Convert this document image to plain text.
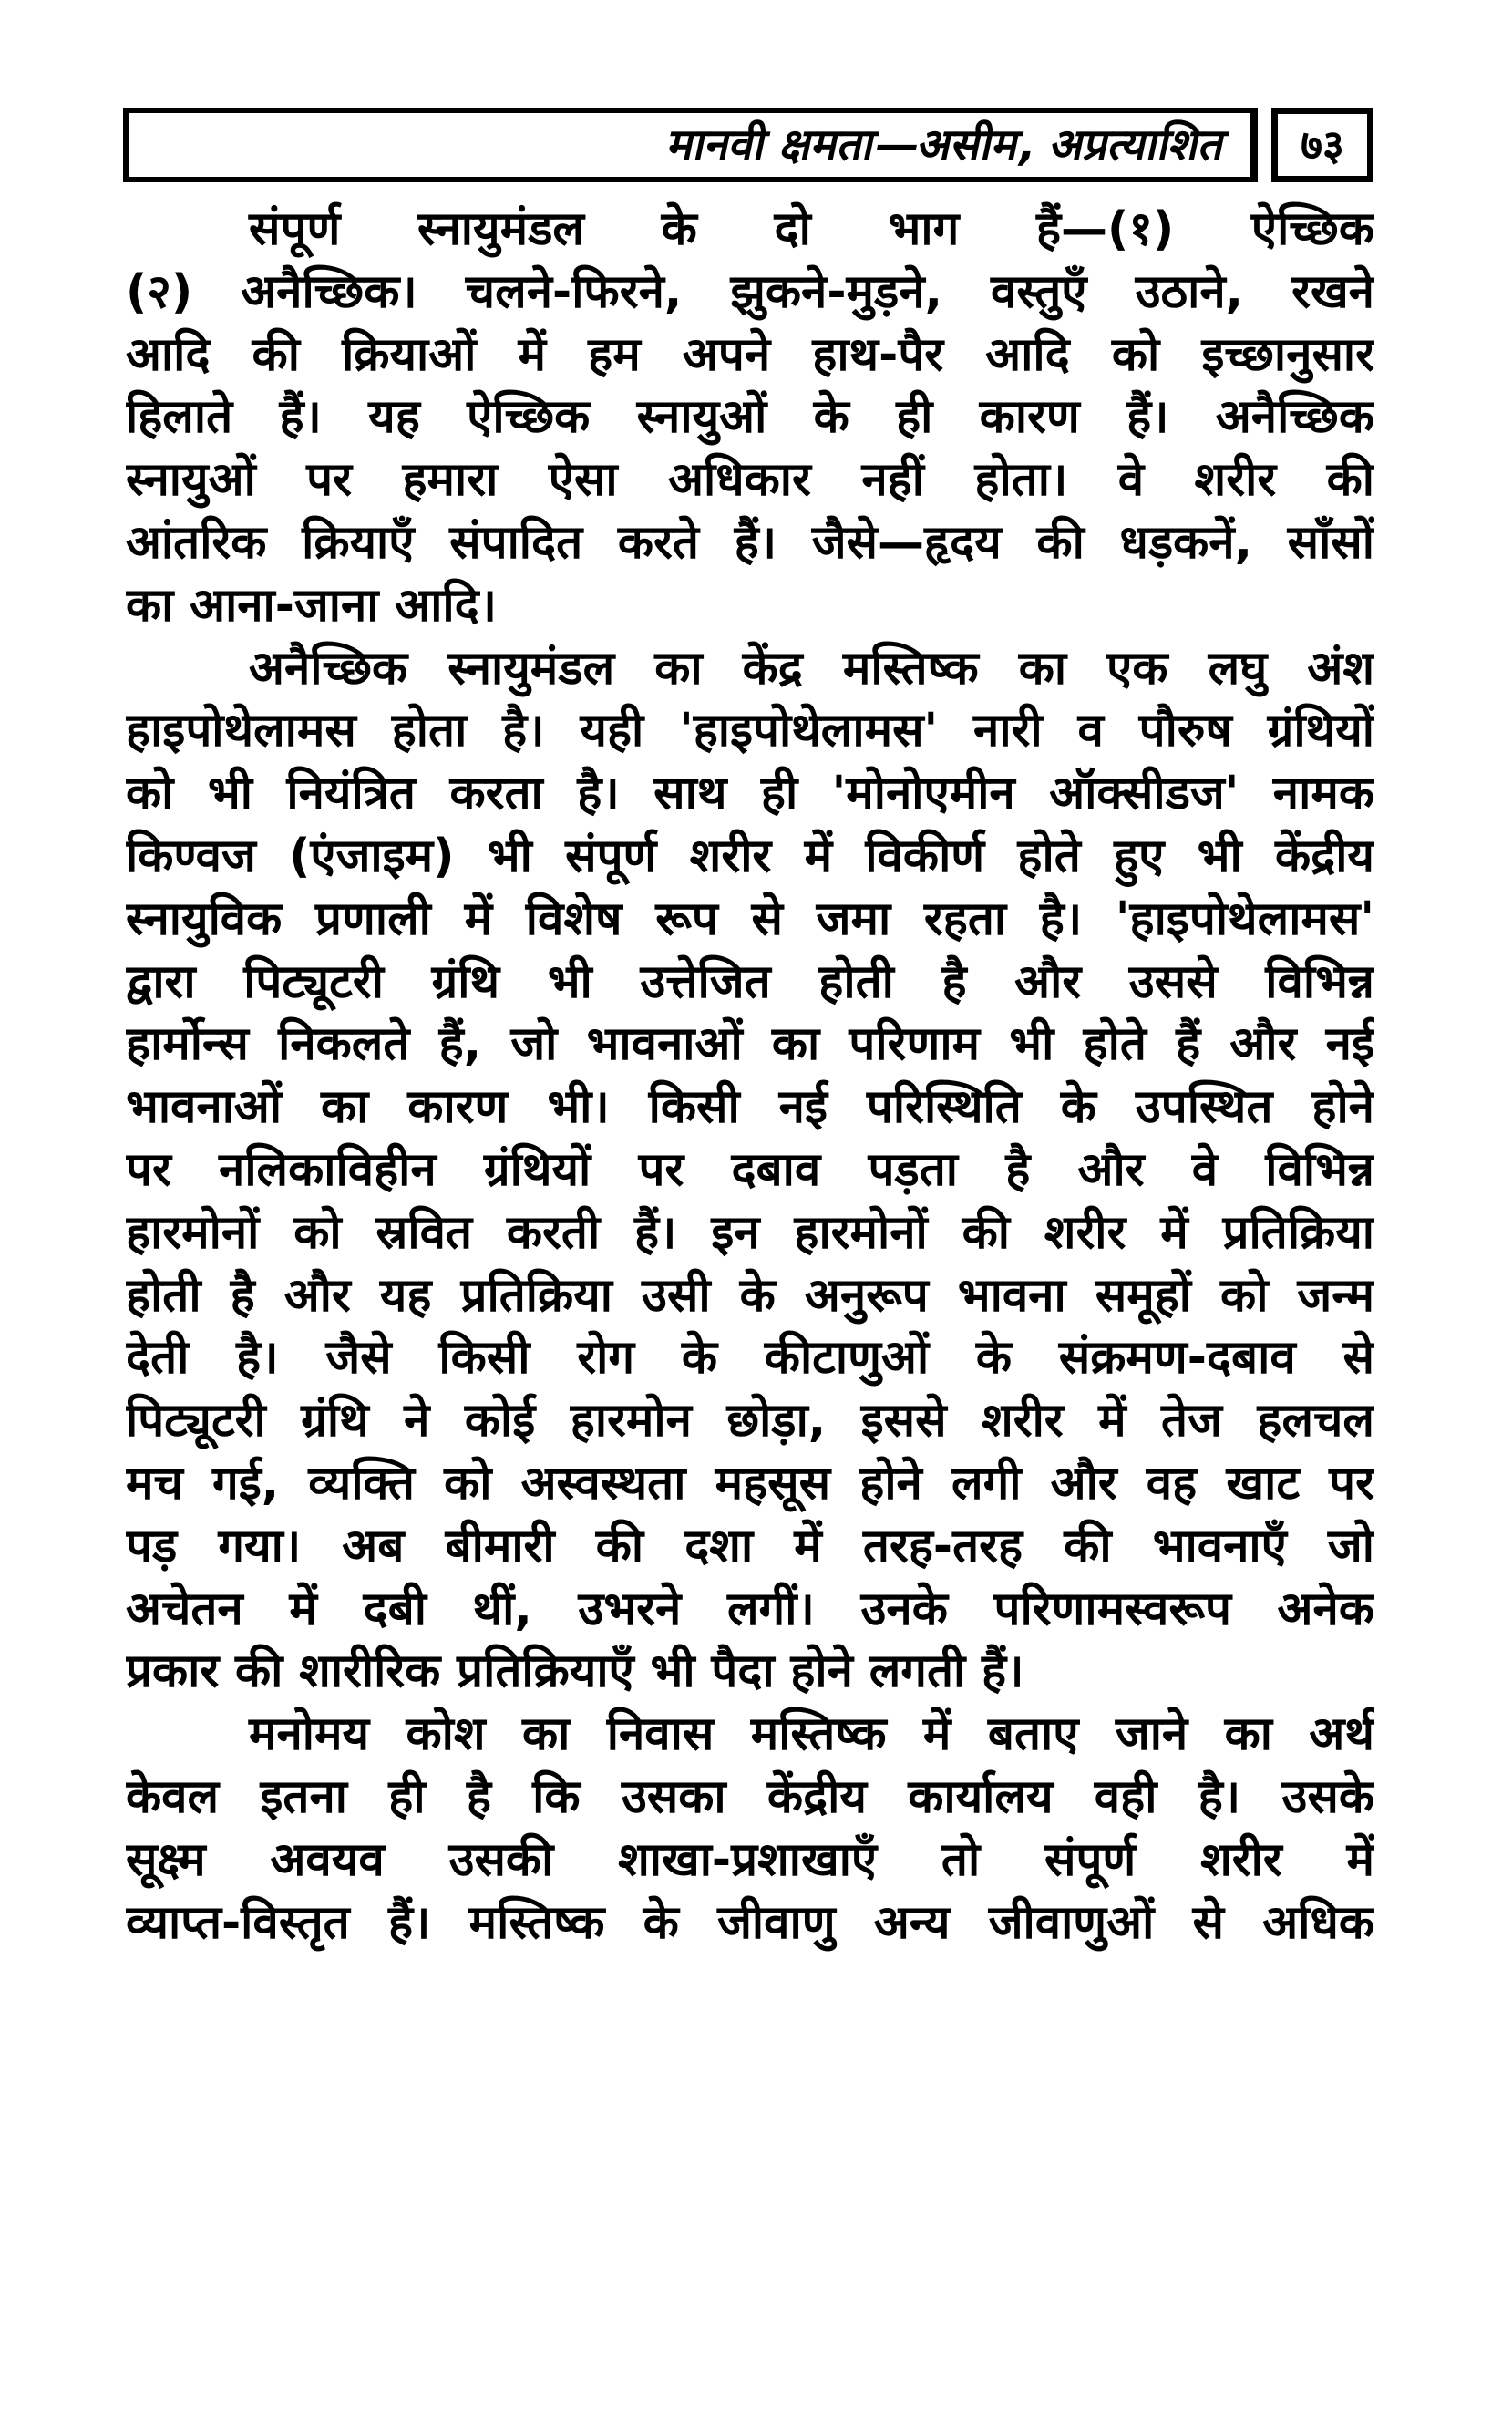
मानवी क्षमता—असीम, अप्रत्याशित ७३
संपूर्ण स्नायुमंडल के दो भाग हैं—(१) ऐच्छिक
(२) अनैच्छिक। चलने-फिरने, झुकने-मुड़ने, वस्तुएँ उठाने, रखने
आदि की क्रियाओं में हम अपने हाथ-पैर आदि को इच्छानुसार
हिलाते हैं। यह ऐच्छिक स्नायुओं के ही कारण हैं। अनैच्छिक
स्नायुओं पर हमारा ऐसा अधिकार नहीं होता। वे शरीर की
आंतरिक क्रियाएँ संपादित करते हैं। जैसे—हृदय की धड़कनें, साँसों
का आना-जाना आदि।
अनैच्छिक स्नायुमंडल का केंद्र मस्तिष्क का एक लघु अंश
हाइपोथेलामस होता है। यही 'हाइपोथेलामस' नारी व पौरुष ग्रंथियों
को भी नियंत्रित करता है। साथ ही 'मोनोएमीन ऑक्सीडज' नामक
किण्वज (एंजाइम) भी संपूर्ण शरीर में विकीर्ण होते हुए भी केंद्रीय
स्नायुविक प्रणाली में विशेष रूप से जमा रहता है। 'हाइपोथेलामस'
द्वारा पिट्यूटरी ग्रंथि भी उत्तेजित होती है और उससे विभिन्न
हार्मोन्स निकलते हैं, जो भावनाओं का परिणाम भी होते हैं और नई
भावनाओं का कारण भी। किसी नई परिस्थिति के उपस्थित होने
पर नलिकाविहीन ग्रंथियों पर दबाव पड़ता है और वे विभिन्न
हारमोनों को स्रवित करती हैं। इन हारमोनों की शरीर में प्रतिक्रिया
होती है और यह प्रतिक्रिया उसी के अनुरूप भावना समूहों को जन्म
देती है। जैसे किसी रोग के कीटाणुओं के संक्रमण-दबाव से
पिट्यूटरी ग्रंथि ने कोई हारमोन छोड़ा, इससे शरीर में तेज हलचल
मच गई, व्यक्ति को अस्वस्थता महसूस होने लगी और वह खाट पर
पड़ गया। अब बीमारी की दशा में तरह-तरह की भावनाएँ जो
अचेतन में दबी थीं, उभरने लगीं। उनके परिणामस्वरूप अनेक
प्रकार की शारीरिक प्रतिक्रियाएँ भी पैदा होने लगती हैं।
मनोमय कोश का निवास मस्तिष्क में बताए जाने का अर्थ
केवल इतना ही है कि उसका केंद्रीय कार्यालय वही है। उसके
सूक्ष्म अवयव उसकी शाखा-प्रशाखाएँ तो संपूर्ण शरीर में
व्याप्त-विस्तृत हैं। मस्तिष्क के जीवाणु अन्य जीवाणुओं से अधिक
